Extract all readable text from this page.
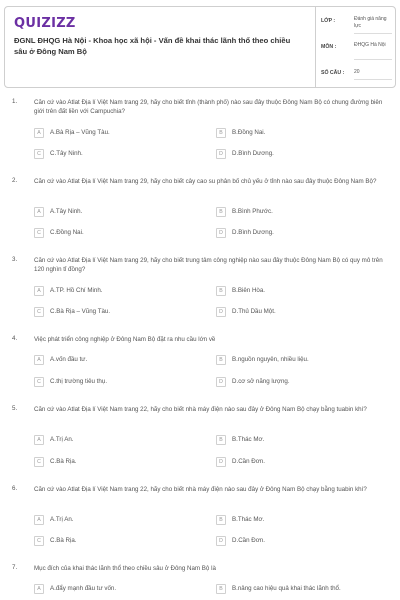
QUIZIZZ
ĐGNL ĐHQG Hà Nội - Khoa học xã hội - Vấn đề khai thác lãnh thổ theo chiều sâu ở Đông Nam Bộ
LỚP :	Đánh giá năng lực
MÔN :	ĐHQG Hà Nội
SỐ CÂU : 20
1.	Căn cứ vào Atlat Địa lí Việt Nam trang 29, hãy cho biết tỉnh (thành phố) nào sau đây thuộc Đông Nam Bộ có chung đường biên giới trên đất liền với Campuchia?
A	A.Bà Rịa – Vũng Tàu.	B	B.Đồng Nai.
C	C.Tây Ninh.	D	D.Bình Dương.
2.	Căn cứ vào Atlat Địa lí Việt Nam trang 29, hãy cho biết cây cao su phân bố chủ yếu ở tỉnh nào sau đây thuộc Đông Nam Bộ?
A	A.Tây Ninh.	B	B.Bình Phước.
C	C.Đồng Nai.	D	D.Bình Dương.
3.	Căn cứ vào Atlat Địa lí Việt Nam trang 29, hãy cho biết trung tâm công nghiệp nào sau đây thuộc Đông Nam Bộ có quy mô trên 120 nghìn tỉ đồng?
A	A.TP. Hồ Chí Minh.	B	B.Biên Hòa.
C	C.Bà Rịa – Vũng Tàu.	D	D.Thủ Dầu Một.
4.	Việc phát triển công nghiệp ở Đông Nam Bộ đặt ra nhu cầu lớn về
A	A.vốn đầu tư.	B	B.nguồn nguyên, nhiều liệu.
C	C.thị trường tiêu thụ.	D	D.cơ sở năng lượng.
5.	Căn cứ vào Atlat Địa lí Việt Nam trang 22, hãy cho biết nhà máy điện nào sau đây ở Đông Nam Bộ chạy bằng tuabin khí?
A	A.Trị An.	B	B.Thác Mơ.
C	C.Bà Rịa.	D	D.Cần Đơn.
6.	Căn cứ vào Atlat Địa lí Việt Nam trang 22, hãy cho biết nhà máy điện nào sau đây ở Đông Nam Bộ chạy bằng tuabin khí?
A	A.Trị An.	B	B.Thác Mơ.
C	C.Bà Rịa.	D	D.Cần Đơn.
7.	Mục đích của khai thác lãnh thổ theo chiều sâu ở Đông Nam Bộ là
A	A.đẩy mạnh đầu tư vốn.	B	B.nâng cao hiệu quả khai thác lãnh thổ.
